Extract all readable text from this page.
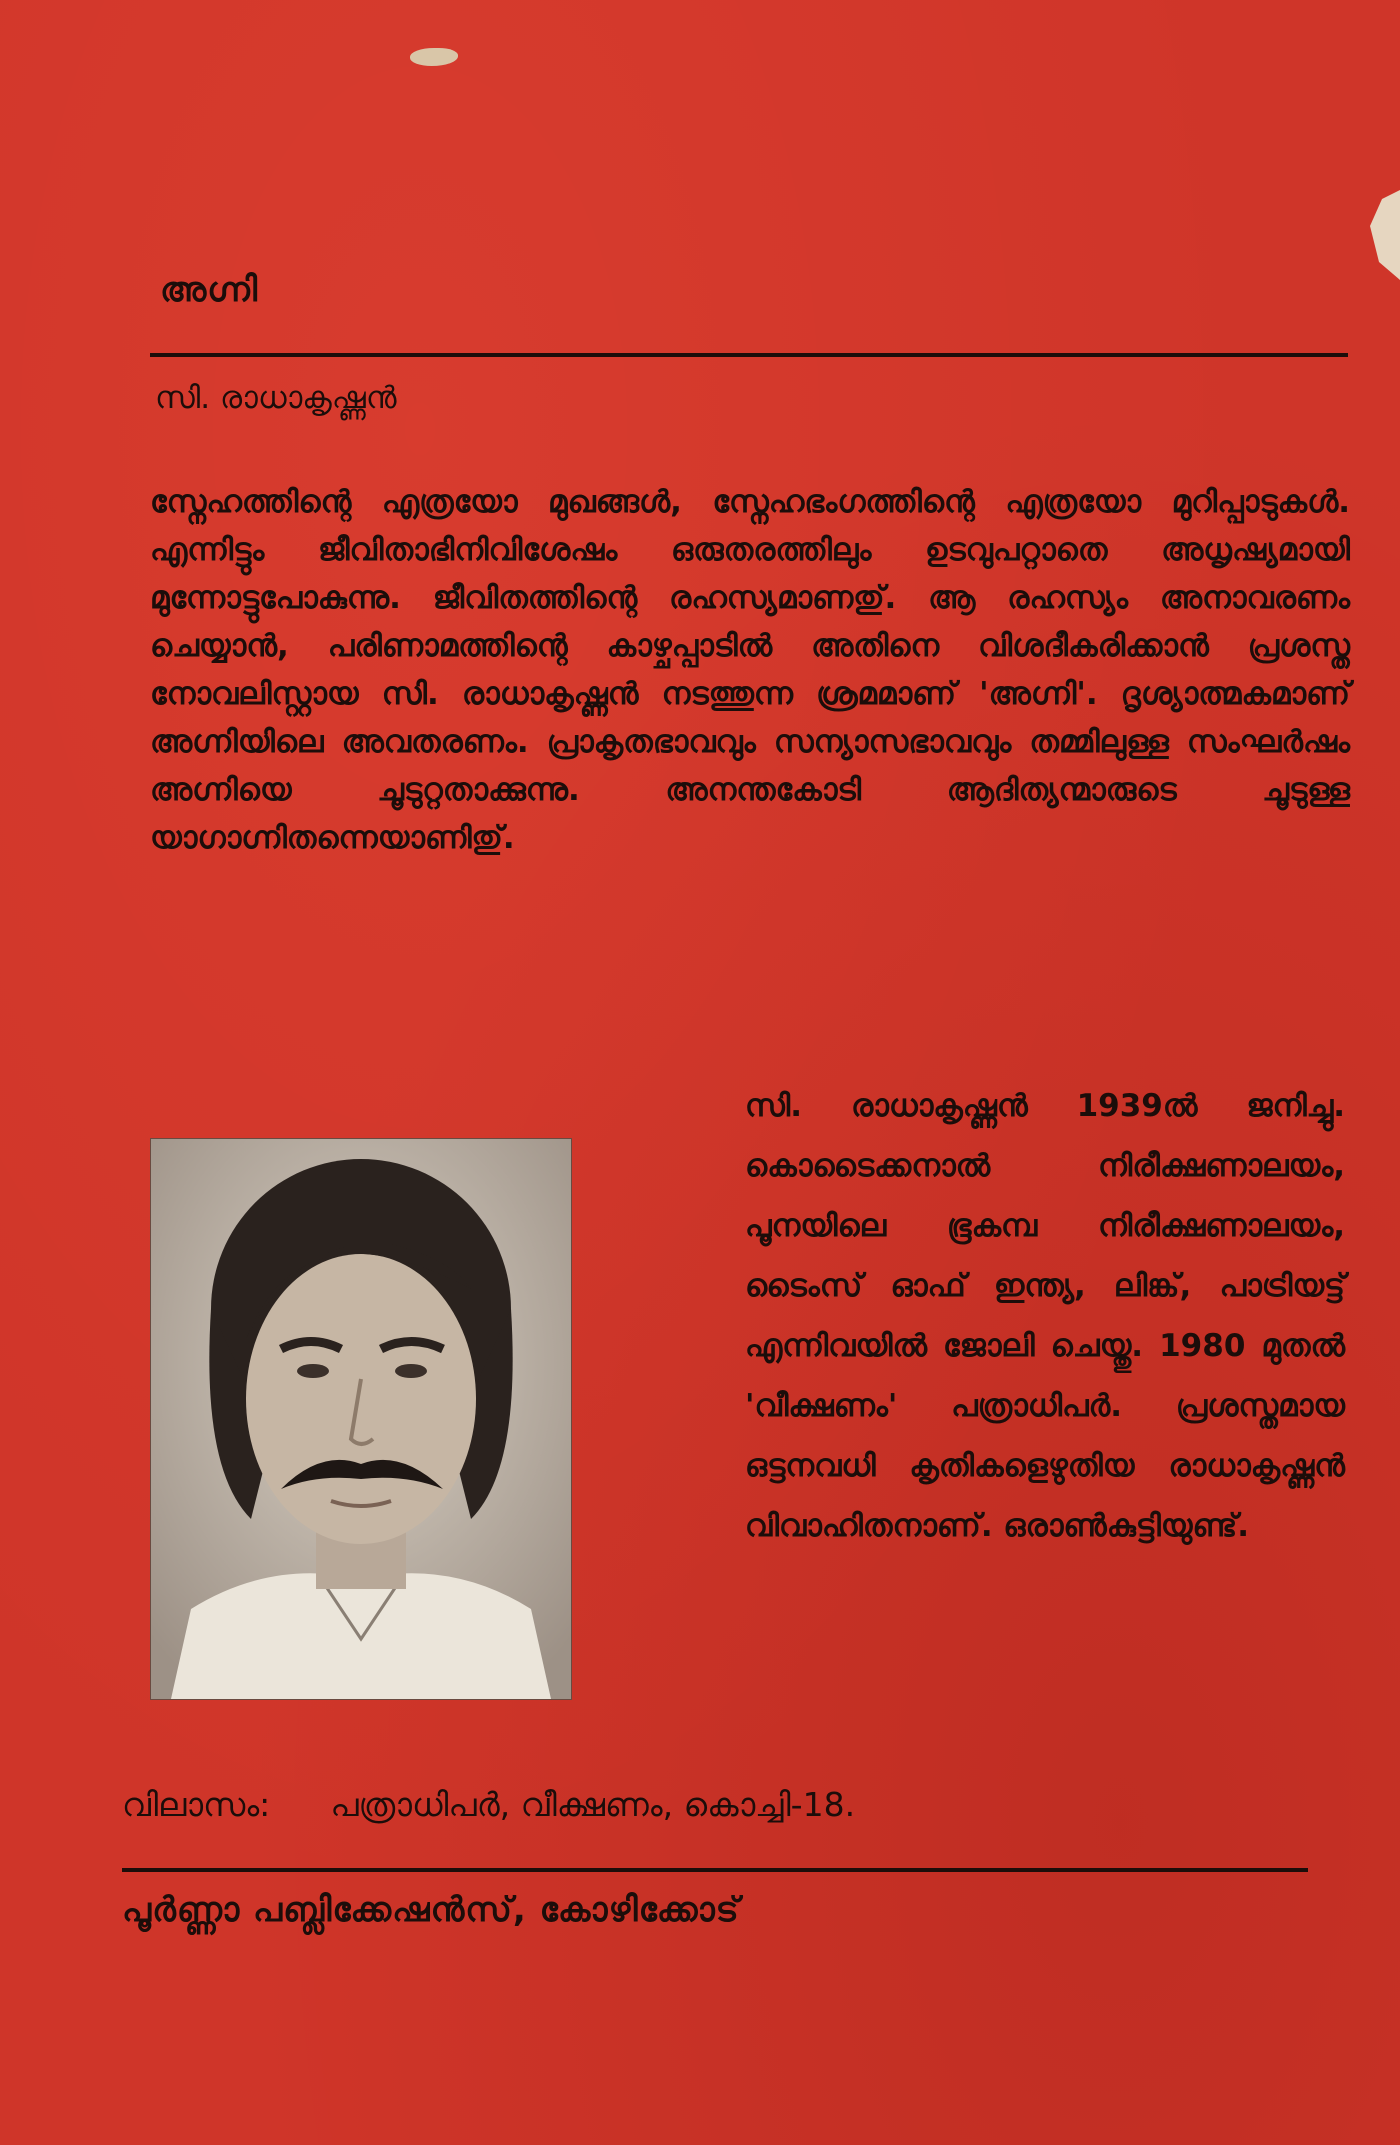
അഗ്നി
സി. രാധാകൃഷ്ണൻ
സ്നേഹത്തിന്റെ എത്രയോ മുഖങ്ങൾ, സ്നേഹഭംഗത്തിന്റെ എത്രയോ മുറിപ്പാടുകൾ. എന്നിട്ടും ജീവിതാഭിനിവിശേഷം ഒരുതരത്തിലും ഉടവുപറ്റാതെ അധൃഷ്യമായി മുന്നോട്ടുപോകുന്നു. ജീവിതത്തിന്റെ രഹസ്യമാണതു്. ആ രഹസ്യം അനാവരണം ചെയ്യാൻ, പരിണാമത്തിന്റെ കാഴ്ചപ്പാടിൽ അതിനെ വിശദീകരിക്കാൻ പ്രശസ്ത നോവലിസ്റ്റായ സി. രാധാകൃഷ്ണൻ നടത്തുന്ന ശ്രമമാണ് 'അഗ്നി'. ദൃശ്യാത്മകമാണ് അഗ്നിയിലെ അവതരണം. പ്രാകൃതഭാവവും സന്യാസഭാവവും തമ്മിലുള്ള സംഘർഷം അഗ്നിയെ ചൂടുറ്റതാക്കുന്നു. അനന്തകോടി ആദിത്യന്മാരുടെ ചൂടുള്ള യാഗാഗ്നിതന്നെയാണിതു്.
സി. രാധാകൃഷ്ണൻ 1939ൽ ജനിച്ചു. കൊടൈക്കനാൽ നിരീക്ഷണാലയം, പൂനയിലെ ഭൂകമ്പ നിരീക്ഷണാലയം, ടൈംസ് ഓഫ് ഇന്ത്യ, ലിങ്ക്, പാട്രിയട്ട് എന്നിവയിൽ ജോലി ചെയ്തു. 1980 മുതൽ 'വീക്ഷണം' പത്രാധിപർ. പ്രശസ്തമായ ഒട്ടനവധി കൃതികളെഴുതിയ രാധാകൃഷ്ണൻ വിവാഹിതനാണ്. ഒരാൺകുട്ടിയുണ്ട്.
വിലാസം: പത്രാധിപർ, വീക്ഷണം, കൊച്ചി-18.
പൂർണ്ണാ പബ്ലിക്കേഷൻസ്, കോഴിക്കോട്
